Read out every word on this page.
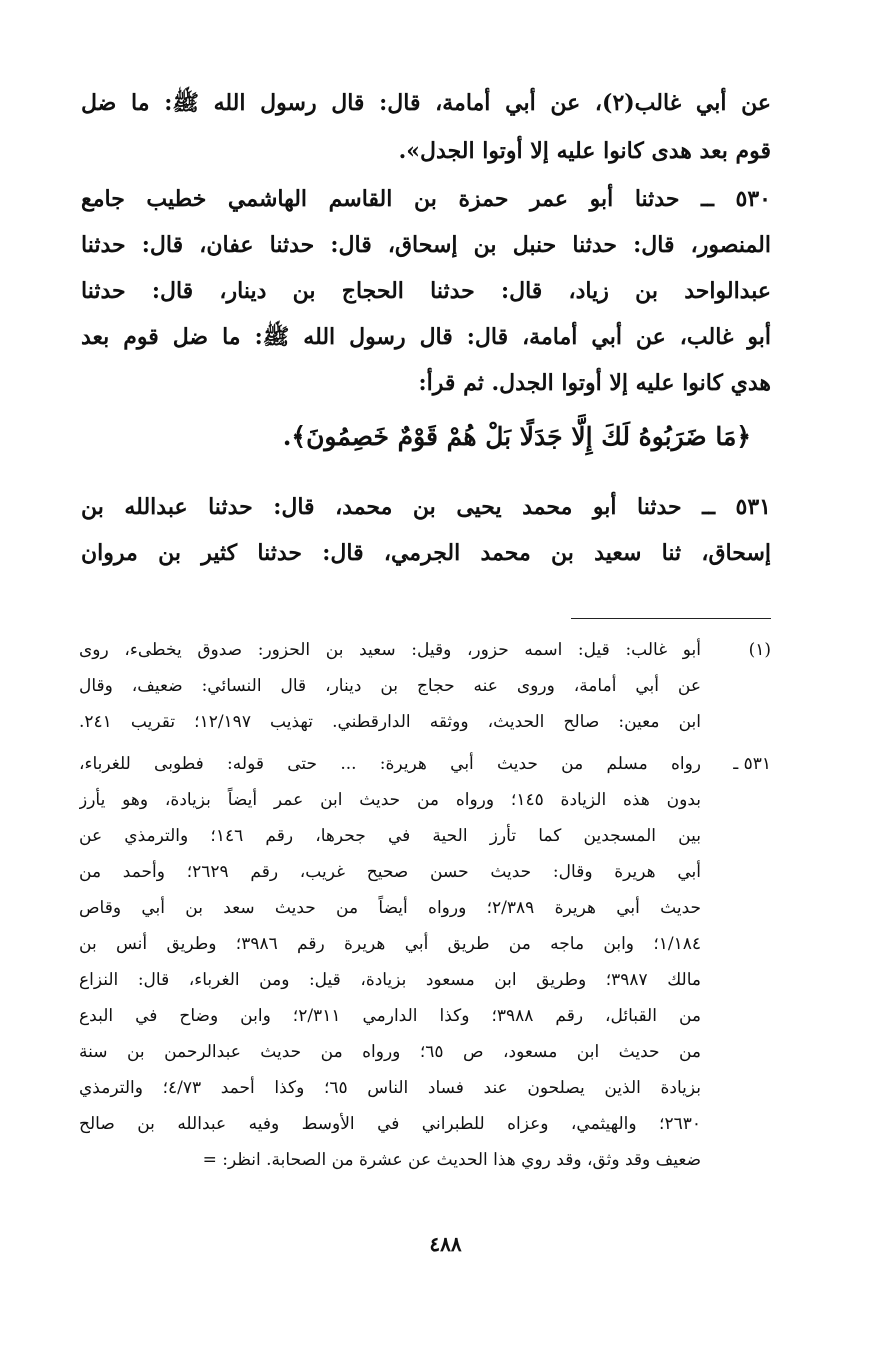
عن أبي غالب(٢)، عن أبي أمامة، قال: قال رسول الله ﷺ: ما ضل
قوم بعد هدى كانوا عليه إلا أوتوا الجدل».
٥٣٠ ــ حدثنا أبو عمر حمزة بن القاسم الهاشمي خطيب جامع
المنصور، قال: حدثنا حنبل بن إسحاق، قال: حدثنا عفان، قال: حدثنا
عبدالواحد بن زياد، قال: حدثنا الحجاج بن دينار، قال: حدثنا
أبو غالب، عن أبي أمامة، قال: قال رسول الله ﷺ: ما ضل قوم بعد
هدي كانوا عليه إلا أوتوا الجدل. ثم قرأ:
٥٣١ ــ حدثنا أبو محمد يحيى بن محمد، قال: حدثنا عبدالله بن
إسحاق، ثنا سعيد بن محمد الجرمي، قال: حدثنا كثير بن مروان
﴿مَا ضَرَبُوهُ لَكَ إِلَّا جَدَلًا بَلْ هُمْ قَوْمٌ خَصِمُونَ﴾.
(١)
أبو غالب: قيل: اسمه حزور، وقيل: سعيد بن الحزور: صدوق يخطىء، روى
عن أبي أمامة، وروى عنه حجاج بن دينار، قال النسائي: ضعيف، وقال
ابن معين: صالح الحديث، ووثقه الدارقطني. تهذيب ١٢/١٩٧؛ تقريب ٢٤١.
٥٣١ ـ
رواه مسلم من حديث أبي هريرة: ... حتى قوله: فطوبى للغرباء،
بدون هذه الزيادة ١٤٥؛ ورواه من حديث ابن عمر أيضاً بزيادة، وهو يأرز
بين المسجدين كما تأرز الحية في جحرها، رقم ١٤٦؛ والترمذي عن
أبي هريرة وقال: حديث حسن صحيح غريب، رقم ٢٦٢٩؛ وأحمد من
حديث أبي هريرة ٢/٣٨٩؛ ورواه أيضاً من حديث سعد بن أبي وقاص
١/١٨٤؛ وابن ماجه من طريق أبي هريرة رقم ٣٩٨٦؛ وطريق أنس بن
مالك ٣٩٨٧؛ وطريق ابن مسعود بزيادة، قيل: ومن الغرباء، قال: النزاع
من القبائل، رقم ٣٩٨٨؛ وكذا الدارمي ٢/٣١١؛ وابن وضاح في البدع
من حديث ابن مسعود، ص ٦٥؛ ورواه من حديث عبدالرحمن بن سنة
بزيادة الذين يصلحون عند فساد الناس ٦٥؛ وكذا أحمد ٤/٧٣؛ والترمذي
٢٦٣٠؛ والهيثمي، وعزاه للطبراني في الأوسط وفيه عبدالله بن صالح
ضعيف وقد وثق، وقد روي هذا الحديث عن عشرة من الصحابة. انظر: =
٤٨٨
